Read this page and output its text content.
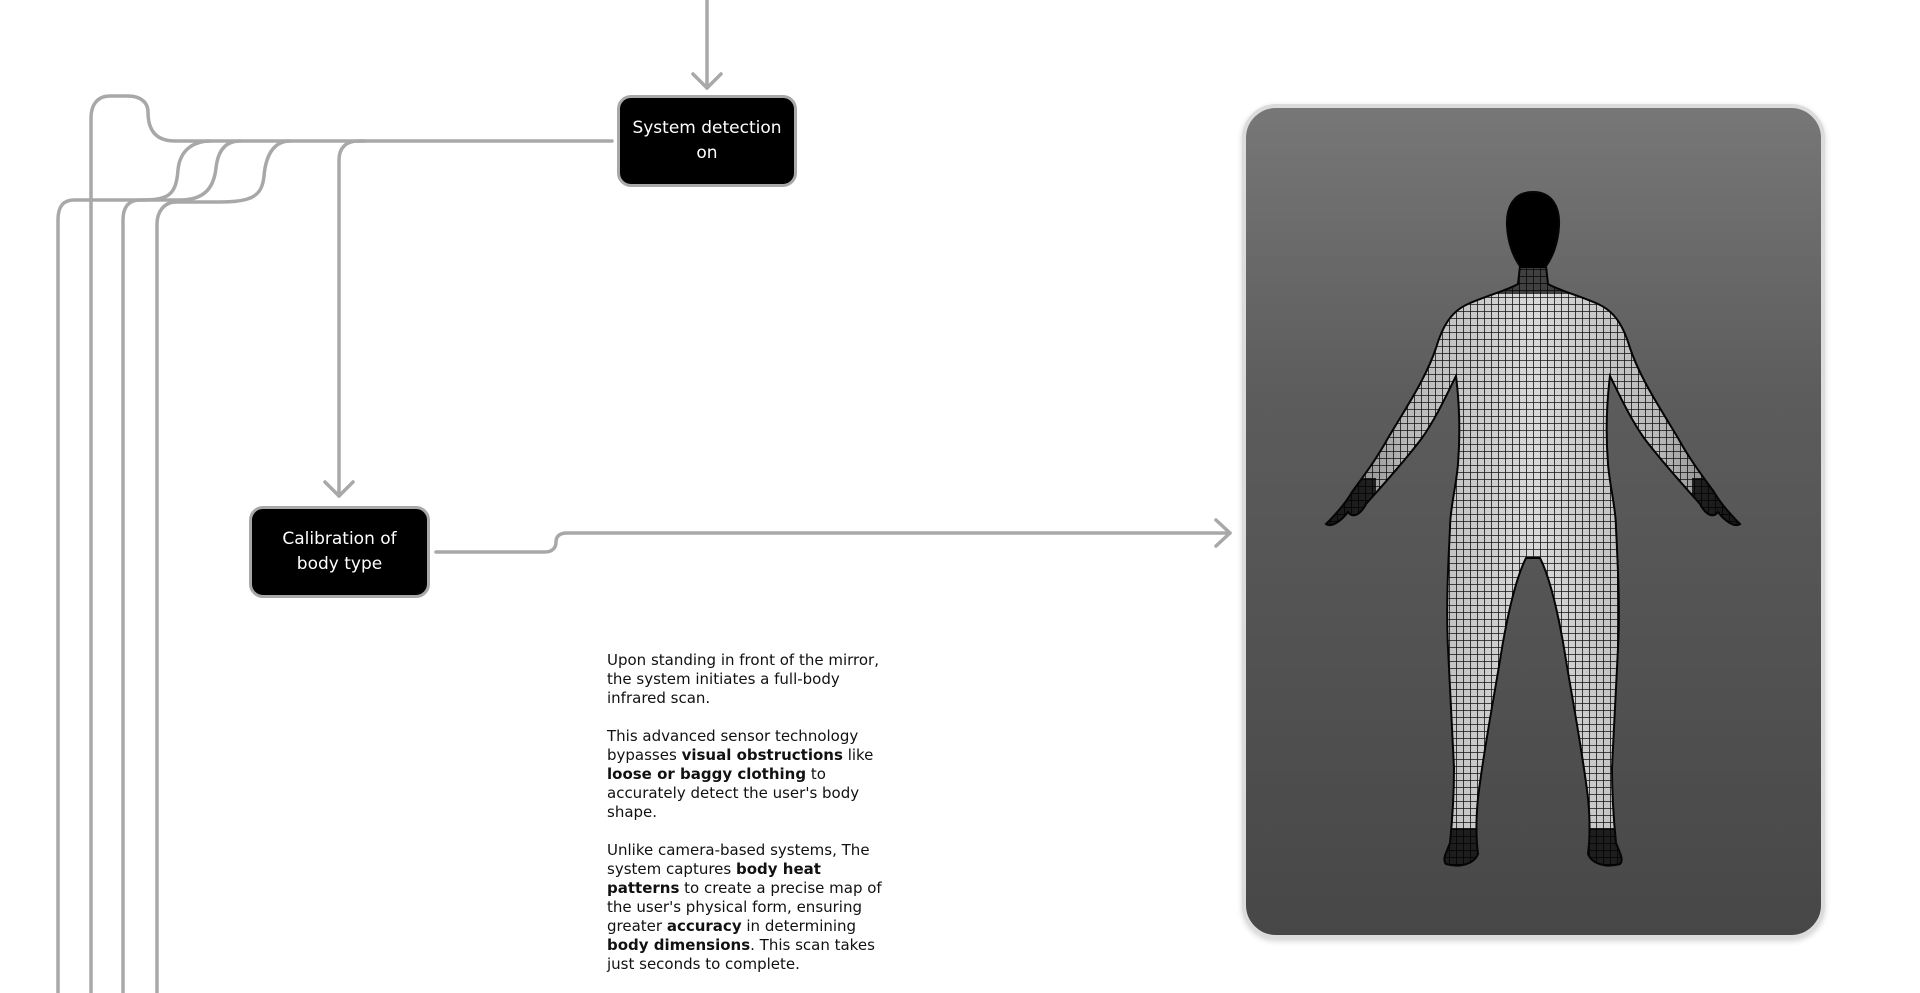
System detection on
Calibration of body type

Upon standing in front of the mirror, the system initiates a full-body infrared scan.

This advanced sensor technology bypasses visual obstructions like loose or baggy clothing to accurately detect the user's body shape.

Unlike camera-based systems, The system captures body heat patterns to create a precise map of the user's physical form, ensuring greater accuracy in determining body dimensions. This scan takes just seconds to complete.
